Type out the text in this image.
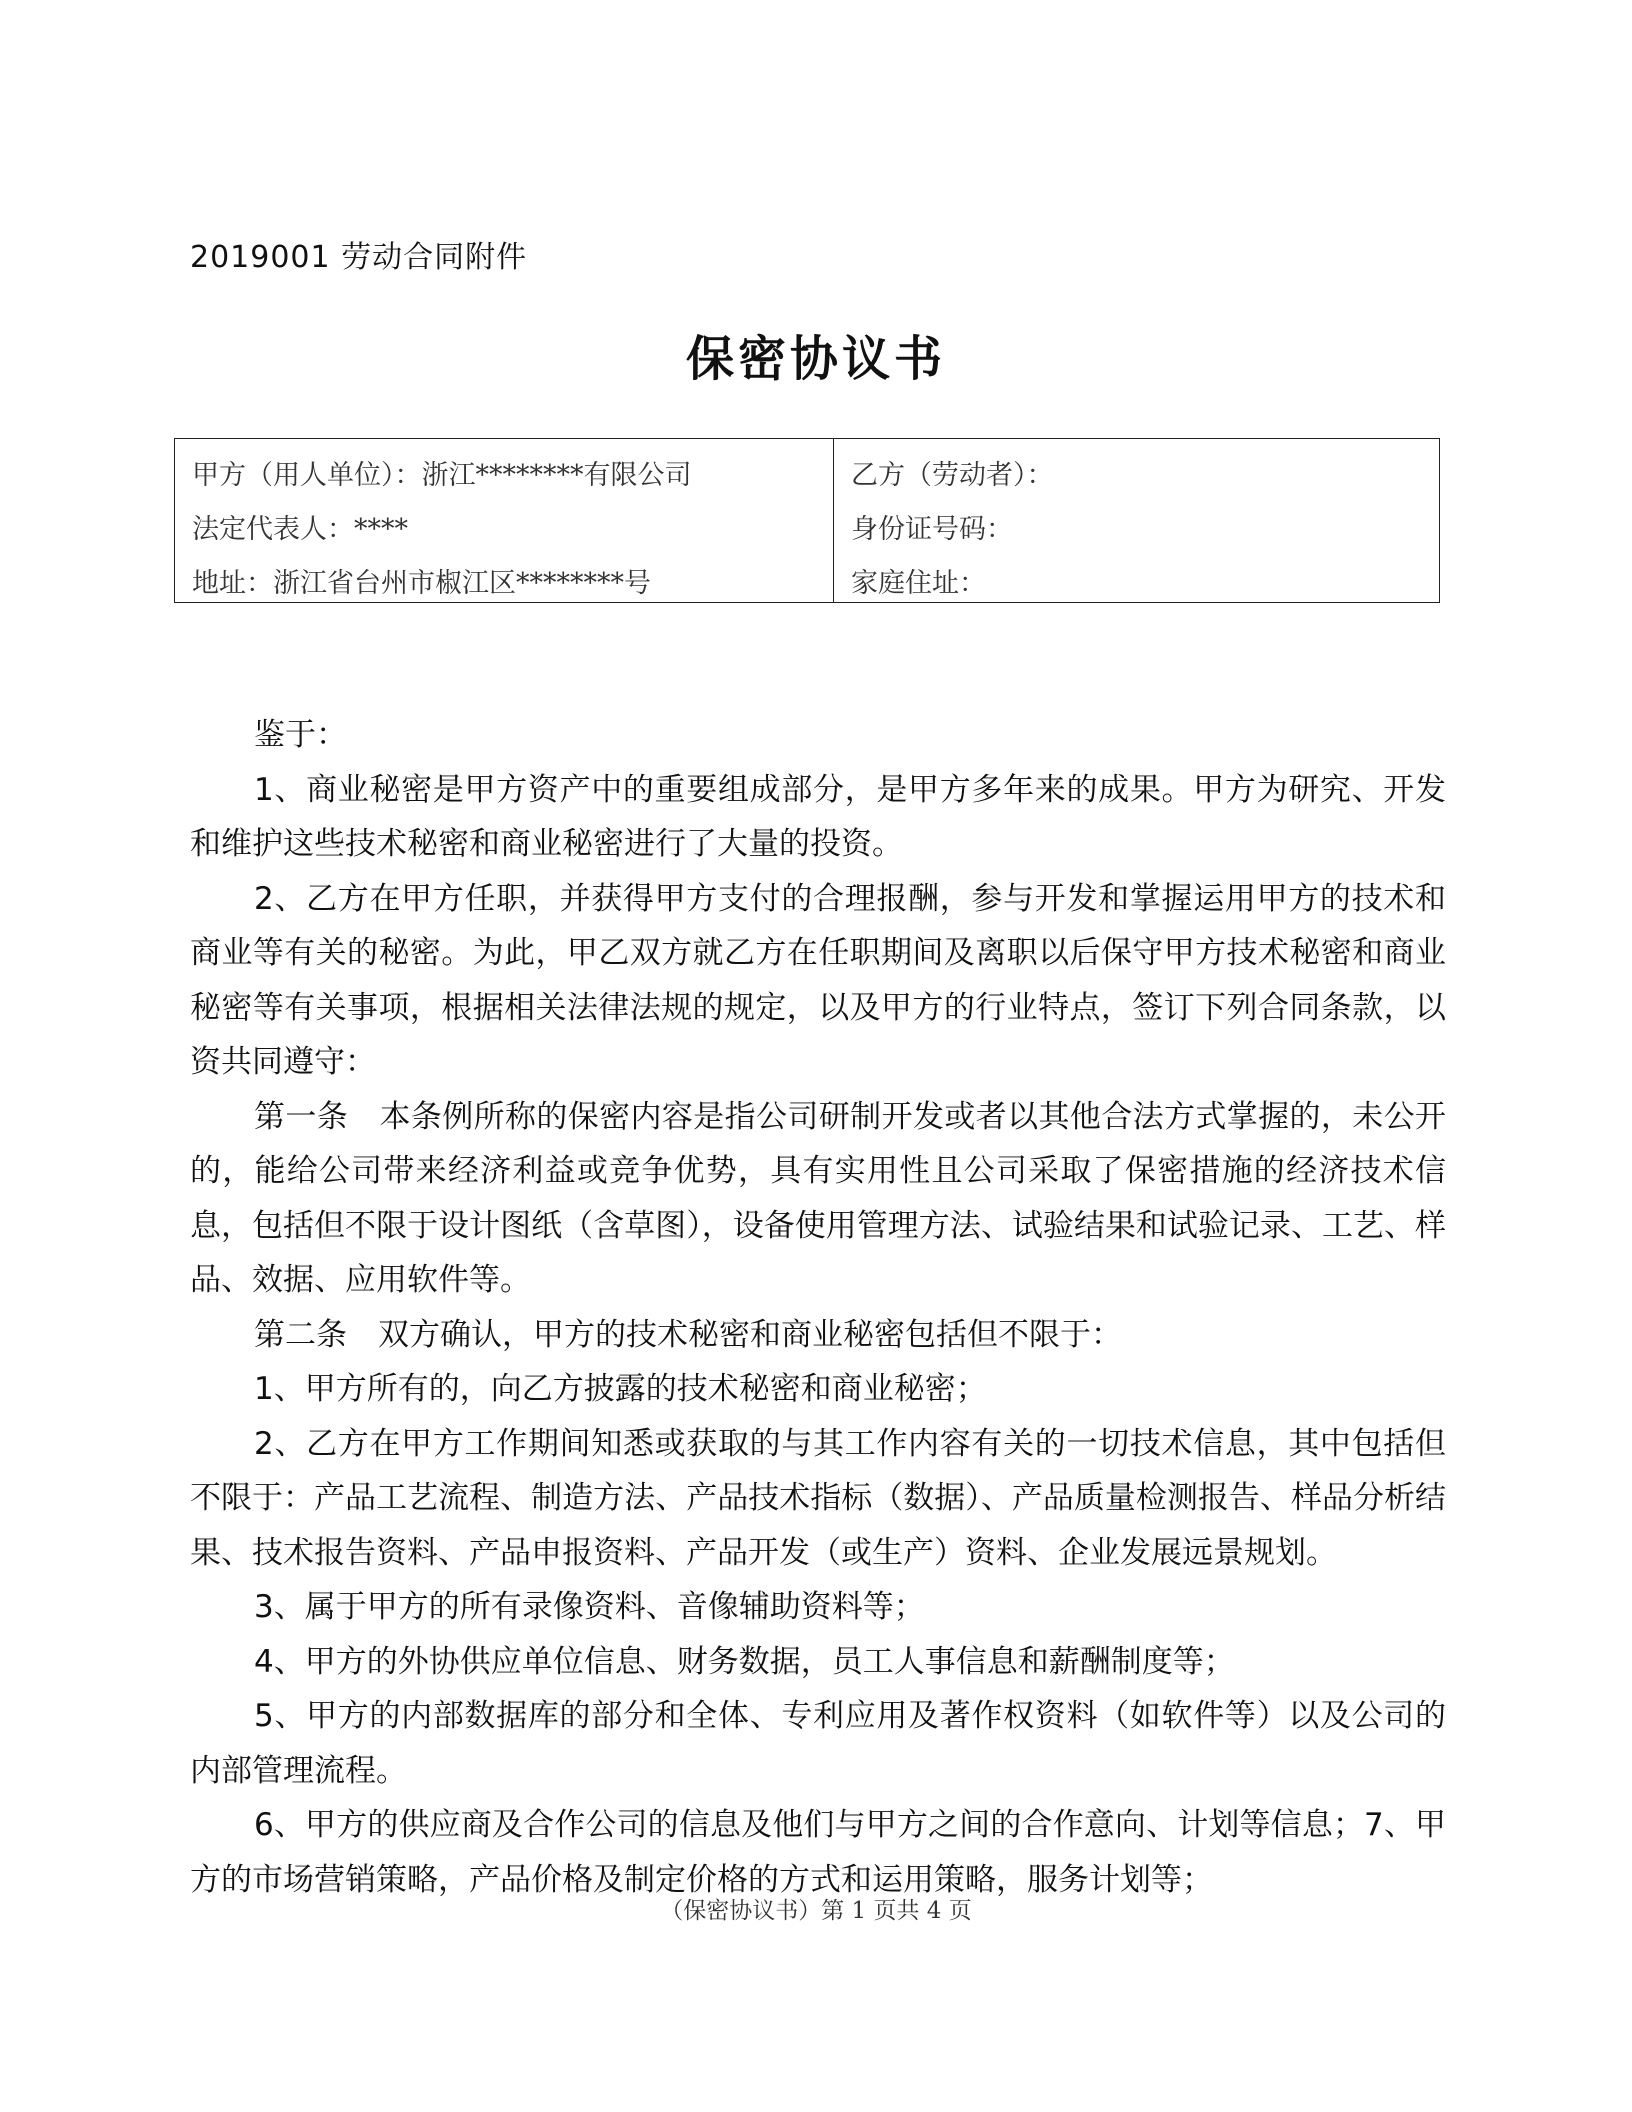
2019001 劳动合同附件
保密协议书
甲方（用人单位）：浙江********有限公司
法定代表人：****
地址：浙江省台州市椒江区********号
乙方（劳动者）：
身份证号码：
家庭住址：

鉴于：

1、商业秘密是甲方资产中的重要组成部分，是甲方多年来的成果。甲方为研究、开发和维护这些技术秘密和商业秘密进行了大量的投资。

2、乙方在甲方任职，并获得甲方支付的合理报酬，参与开发和掌握运用甲方的技术和商业等有关的秘密。为此，甲乙双方就乙方在任职期间及离职以后保守甲方技术秘密和商业秘密等有关事项，根据相关法律法规的规定，以及甲方的行业特点，签订下列合同条款，以资共同遵守：

第一条　本条例所称的保密内容是指公司研制开发或者以其他合法方式掌握的，未公开的，能给公司带来经济利益或竞争优势，具有实用性且公司采取了保密措施的经济技术信息，包括但不限于设计图纸（含草图），设备使用管理方法、试验结果和试验记录、工艺、样品、效据、应用软件等。

第二条　双方确认，甲方的技术秘密和商业秘密包括但不限于：

1、甲方所有的，向乙方披露的技术秘密和商业秘密；

2、乙方在甲方工作期间知悉或获取的与其工作内容有关的一切技术信息，其中包括但不限于：产品工艺流程、制造方法、产品技术指标（数据）、产品质量检测报告、样品分析结果、技术报告资料、产品申报资料、产品开发（或生产）资料、企业发展远景规划。

3、属于甲方的所有录像资料、音像辅助资料等；

4、甲方的外协供应单位信息、财务数据，员工人事信息和薪酬制度等；

5、甲方的内部数据库的部分和全体、专利应用及著作权资料（如软件等）以及公司的内部管理流程。

6、甲方的供应商及合作公司的信息及他们与甲方之间的合作意向、计划等信息；7、甲方的市场营销策略，产品价格及制定价格的方式和运用策略，服务计划等；

（保密协议书）第 1 页共 4 页
